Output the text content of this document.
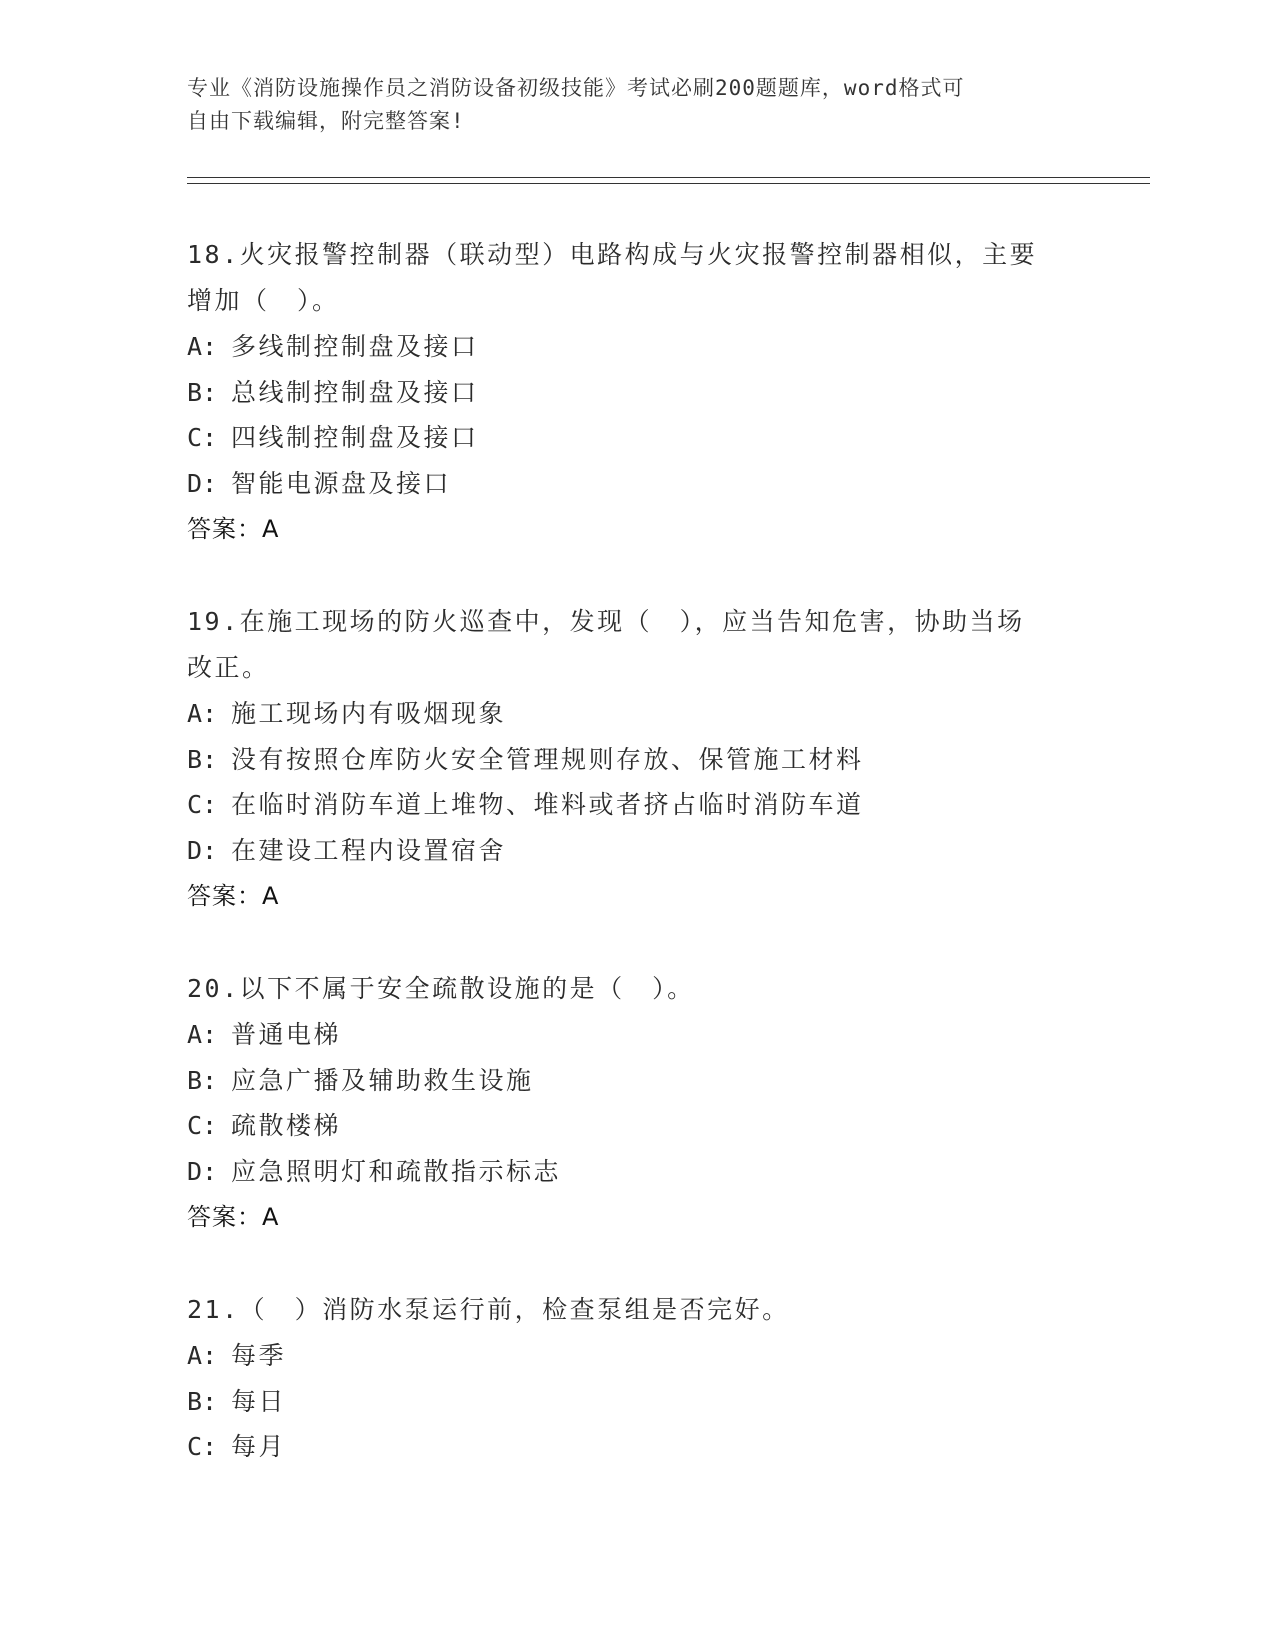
专业《消防设施操作员之消防设备初级技能》考试必刷200题题库，word格式可
自由下载编辑，附完整答案!
18.火灾报警控制器（联动型）电路构成与火灾报警控制器相似，主要
增加（　）。
A: 多线制控制盘及接口
B: 总线制控制盘及接口
C: 四线制控制盘及接口
D: 智能电源盘及接口
答案：A
19.在施工现场的防火巡查中，发现（　），应当告知危害，协助当场
改正。
A: 施工现场内有吸烟现象
B: 没有按照仓库防火安全管理规则存放、保管施工材料
C: 在临时消防车道上堆物、堆料或者挤占临时消防车道
D: 在建设工程内设置宿舍
答案：A
20.以下不属于安全疏散设施的是（　）。
A: 普通电梯
B: 应急广播及辅助救生设施
C: 疏散楼梯
D: 应急照明灯和疏散指示标志
答案：A
21.（　）消防水泵运行前，检查泵组是否完好。
A: 每季
B: 每日
C: 每月
